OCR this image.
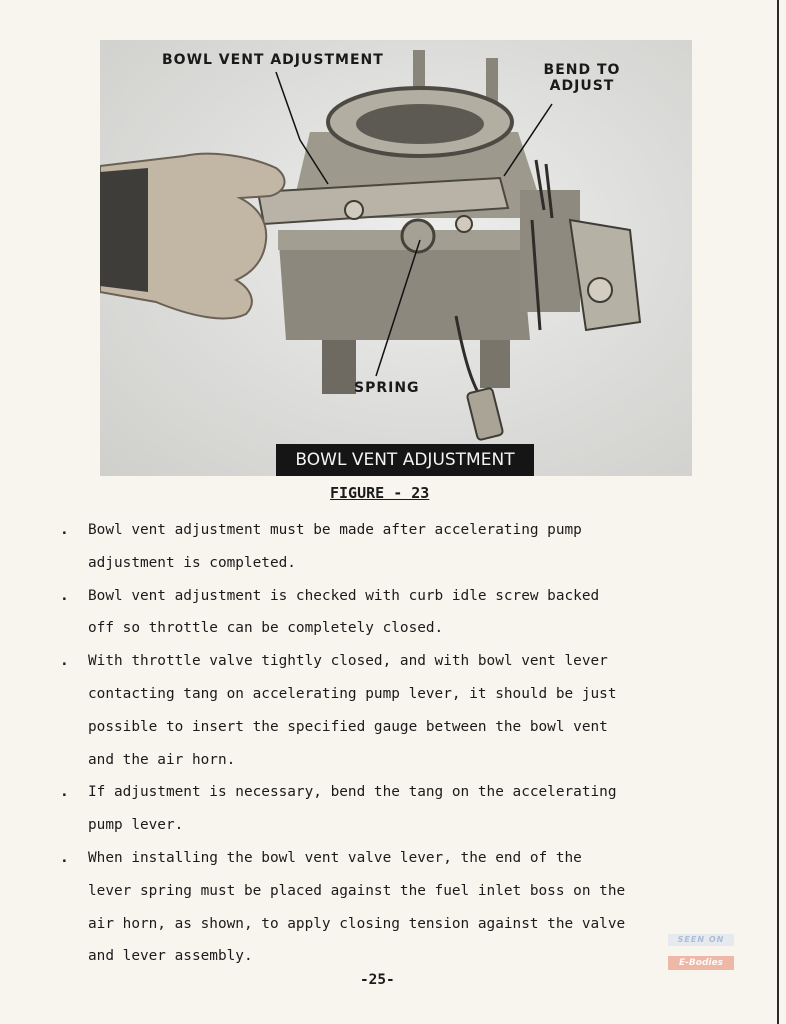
BOWL VENT ADJUSTMENT
BEND TO
ADJUST
SPRING
BOWL VENT ADJUSTMENT
FIGURE - 23
. Bowl vent adjustment must be made after accelerating pump
adjustment is completed.
. Bowl vent adjustment is checked with curb idle screw backed
off so throttle can be completely closed.
. With throttle valve tightly closed, and with bowl vent lever
contacting tang on accelerating pump lever, it should be just
possible to insert the specified gauge between the bowl vent
and the air horn.
. If adjustment is necessary, bend the tang on the accelerating
pump lever.
. When installing the bowl vent valve lever, the end of the
lever spring must be placed against the fuel inlet boss on the
air horn, as shown, to apply closing tension against the valve
and lever assembly.
-25-
SEEN ON
E-Bodies
